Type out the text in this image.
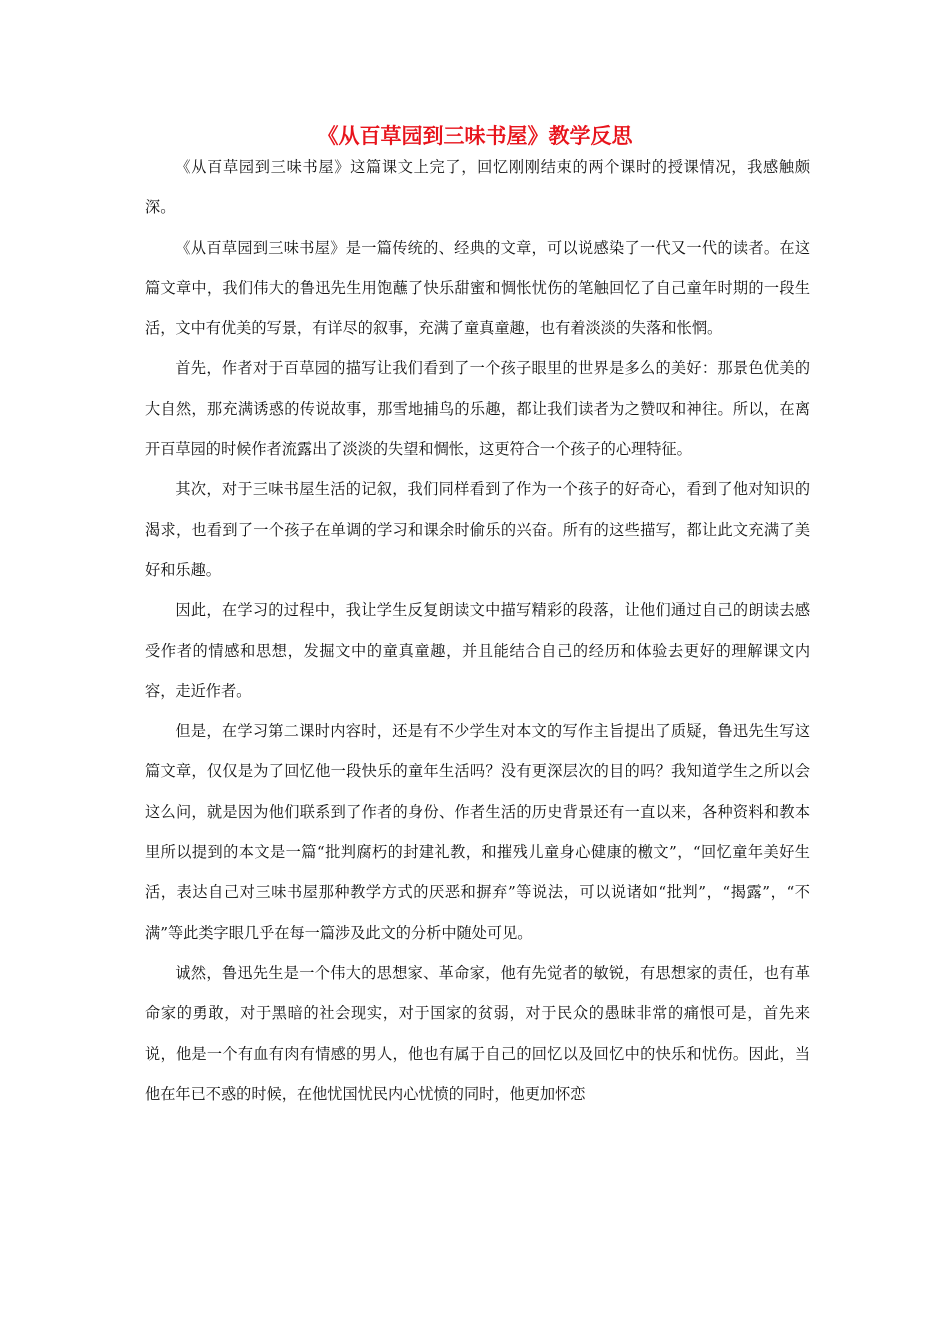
《从百草园到三味书屋》教学反思

《从百草园到三味书屋》这篇课文上完了，回忆刚刚结束的两个课时的授课情况，我感触颇深。

《从百草园到三味书屋》是一篇传统的、经典的文章，可以说感染了一代又一代的读者。在这篇文章中，我们伟大的鲁迅先生用饱蘸了快乐甜蜜和惆怅忧伤的笔触回忆了自己童年时期的一段生活，文中有优美的写景，有详尽的叙事，充满了童真童趣，也有着淡淡的失落和怅惘。

首先，作者对于百草园的描写让我们看到了一个孩子眼里的世界是多么的美好：那景色优美的大自然，那充满诱惑的传说故事，那雪地捕鸟的乐趣，都让我们读者为之赞叹和神往。所以，在离开百草园的时候作者流露出了淡淡的失望和惆怅，这更符合一个孩子的心理特征。

其次，对于三味书屋生活的记叙，我们同样看到了作为一个孩子的好奇心，看到了他对知识的渴求，也看到了一个孩子在单调的学习和课余时偷乐的兴奋。所有的这些描写，都让此文充满了美好和乐趣。

因此，在学习的过程中，我让学生反复朗读文中描写精彩的段落，让他们通过自己的朗读去感受作者的情感和思想，发掘文中的童真童趣，并且能结合自己的经历和体验去更好的理解课文内容，走近作者。

但是，在学习第二课时内容时，还是有不少学生对本文的写作主旨提出了质疑，鲁迅先生写这篇文章，仅仅是为了回忆他一段快乐的童年生活吗？没有更深层次的目的吗？我知道学生之所以会这么问，就是因为他们联系到了作者的身份、作者生活的历史背景还有一直以来，各种资料和教本里所以提到的本文是一篇“批判腐朽的封建礼教，和摧残儿童身心健康的檄文”，“回忆童年美好生活，表达自己对三味书屋那种教学方式的厌恶和摒弃”等说法，可以说诸如“批判”，“揭露”，“不满”等此类字眼几乎在每一篇涉及此文的分析中随处可见。

诚然，鲁迅先生是一个伟大的思想家、革命家，他有先觉者的敏锐，有思想家的责任，也有革命家的勇敢，对于黑暗的社会现实，对于国家的贫弱，对于民众的愚昧非常的痛恨可是，首先来说，他是一个有血有肉有情感的男人，他也有属于自己的回忆以及回忆中的快乐和忧伤。因此，当他在年已不惑的时候，在他忧国忧民内心忧愤的同时，他更加怀恋
